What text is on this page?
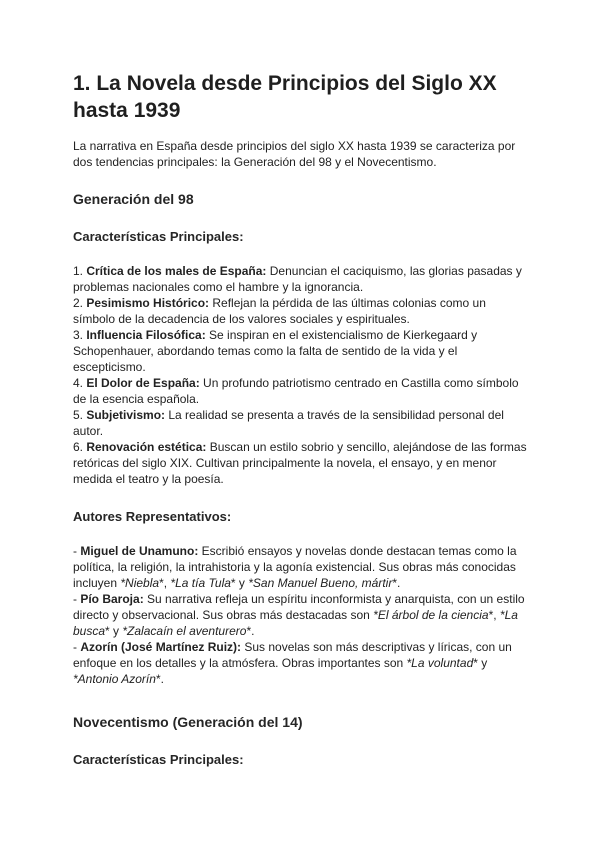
1. La Novela desde Principios del Siglo XX hasta 1939

La narrativa en España desde principios del siglo XX hasta 1939 se caracteriza por dos tendencias principales: la Generación del 98 y el Novecentismo.

Generación del 98
Características Principales:

1. Crítica de los males de España: Denuncian el caciquismo, las glorias pasadas y problemas nacionales como el hambre y la ignorancia.

2. Pesimismo Histórico: Reflejan la pérdida de las últimas colonias como un símbolo de la decadencia de los valores sociales y espirituales.

3. Influencia Filosófica: Se inspiran en el existencialismo de Kierkegaard y Schopenhauer, abordando temas como la falta de sentido de la vida y el escepticismo.

4. El Dolor de España: Un profundo patriotismo centrado en Castilla como símbolo de la esencia española.

5. Subjetivismo: La realidad se presenta a través de la sensibilidad personal del autor.

6. Renovación estética: Buscan un estilo sobrio y sencillo, alejándose de las formas retóricas del siglo XIX. Cultivan principalmente la novela, el ensayo, y en menor medida el teatro y la poesía.

Autores Representativos:

- Miguel de Unamuno: Escribió ensayos y novelas donde destacan temas como la política, la religión, la intrahistoria y la agonía existencial. Sus obras más conocidas incluyen *Niebla*, *La tía Tula* y *San Manuel Bueno, mártir*.

- Pío Baroja: Su narrativa refleja un espíritu inconformista y anarquista, con un estilo directo y observacional. Sus obras más destacadas son *El árbol de la ciencia*, *La busca* y *Zalacaín el aventurero*.

- Azorín (José Martínez Ruiz): Sus novelas son más descriptivas y líricas, con un enfoque en los detalles y la atmósfera. Obras importantes son *La voluntad* y *Antonio Azorín*.

Novecentismo (Generación del 14)
Características Principales:
